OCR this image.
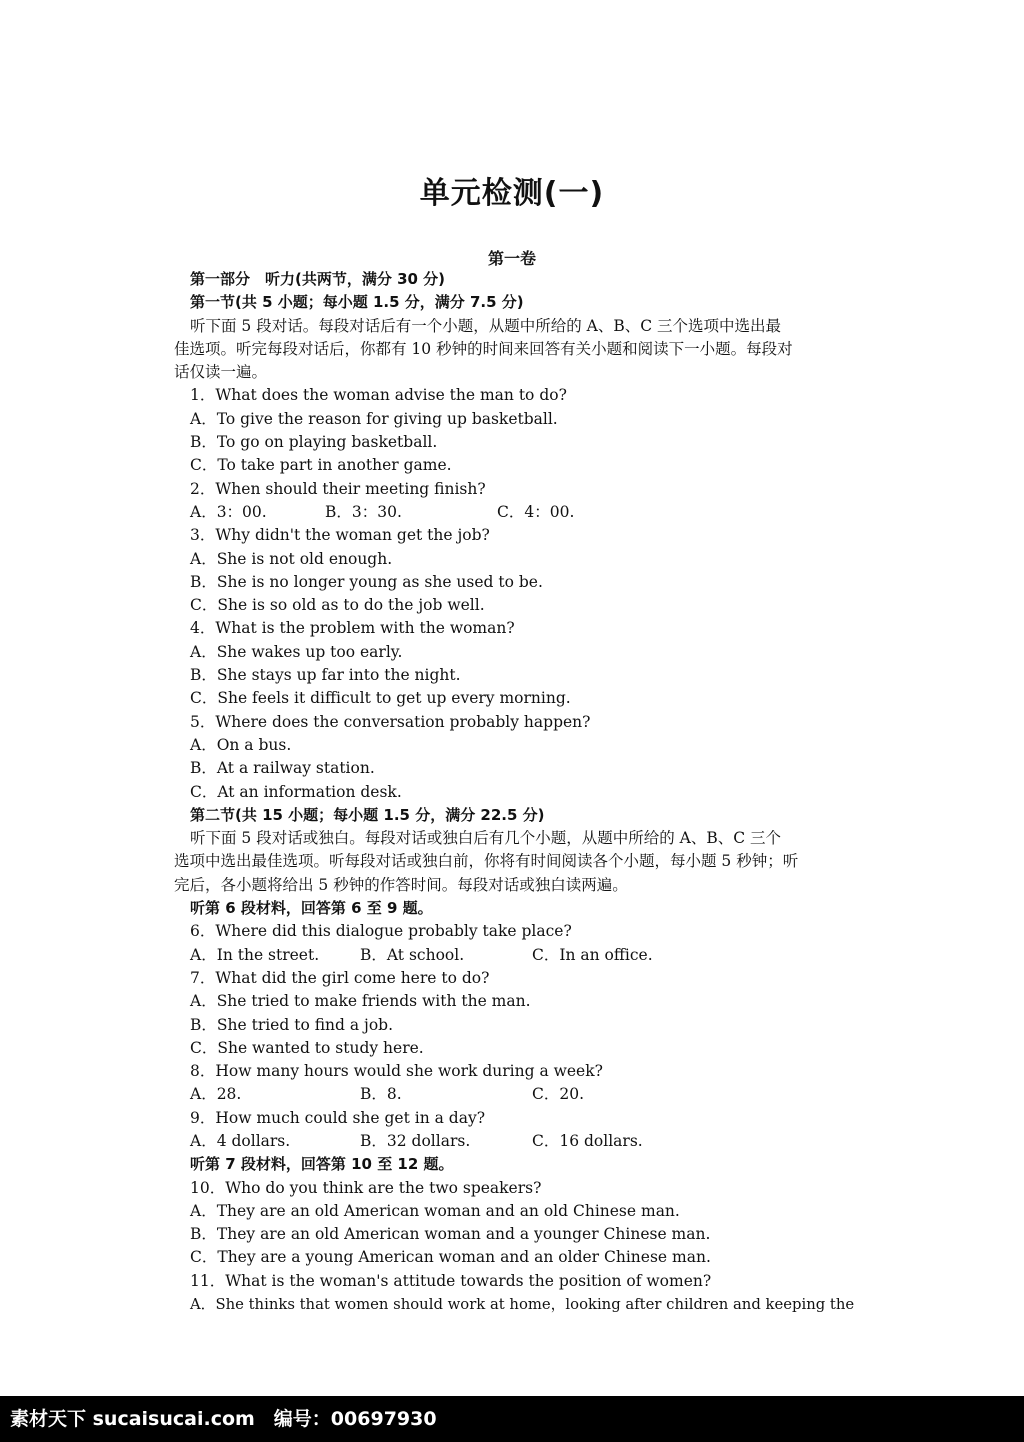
单元检测(一)
第一卷
第一部分　听力(共两节，满分 30 分)
第一节(共 5 小题；每小题 1.5 分，满分 7.5 分)
听下面 5 段对话。每段对话后有一个小题，从题中所给的 A、B、C 三个选项中选出最
佳选项。听完每段对话后，你都有 10 秒钟的时间来回答有关小题和阅读下一小题。每段对
话仅读一遍。
1．What does the woman advise the man to do?
A．To give the reason for giving up basketball.
B．To go on playing basketball.
C．To take part in another game.
2．When should their meeting finish?
A．3：00.	B．3：30.	C．4：00.
3．Why didn't the woman get the job?
A．She is not old enough.
B．She is no longer young as she used to be.
C．She is so old as to do the job well.
4．What is the problem with the woman?
A．She wakes up too early.
B．She stays up far into the night.
C．She feels it difficult to get up every morning.
5．Where does the conversation probably happen?
A．On a bus.
B．At a railway station.
C．At an information desk.
第二节(共 15 小题；每小题 1.5 分，满分 22.5 分)
听下面 5 段对话或独白。每段对话或独白后有几个小题，从题中所给的 A、B、C 三个
选项中选出最佳选项。听每段对话或独白前，你将有时间阅读各个小题，每小题 5 秒钟；听
完后，各小题将给出 5 秒钟的作答时间。每段对话或独白读两遍。
听第 6 段材料，回答第 6 至 9 题。
6．Where did this dialogue probably take place?
A．In the street.	B．At school.	C．In an office.
7．What did the girl come here to do?
A．She tried to make friends with the man.
B．She tried to find a job.
C．She wanted to study here.
8．How many hours would she work during a week?
A．28.	B．8.	C．20.
9．How much could she get in a day?
A．4 dollars.	B．32 dollars.	C．16 dollars.
听第 7 段材料，回答第 10 至 12 题。
10．Who do you think are the two speakers?
A．They are an old American woman and an old Chinese man.
B．They are an old American woman and a younger Chinese man.
C．They are a young American woman and an older Chinese man.
11．What is the woman's attitude towards the position of women?
A．She thinks that women should work at home，looking after children and keeping the
素材天下 sucaisucai.com　编号：00697930
